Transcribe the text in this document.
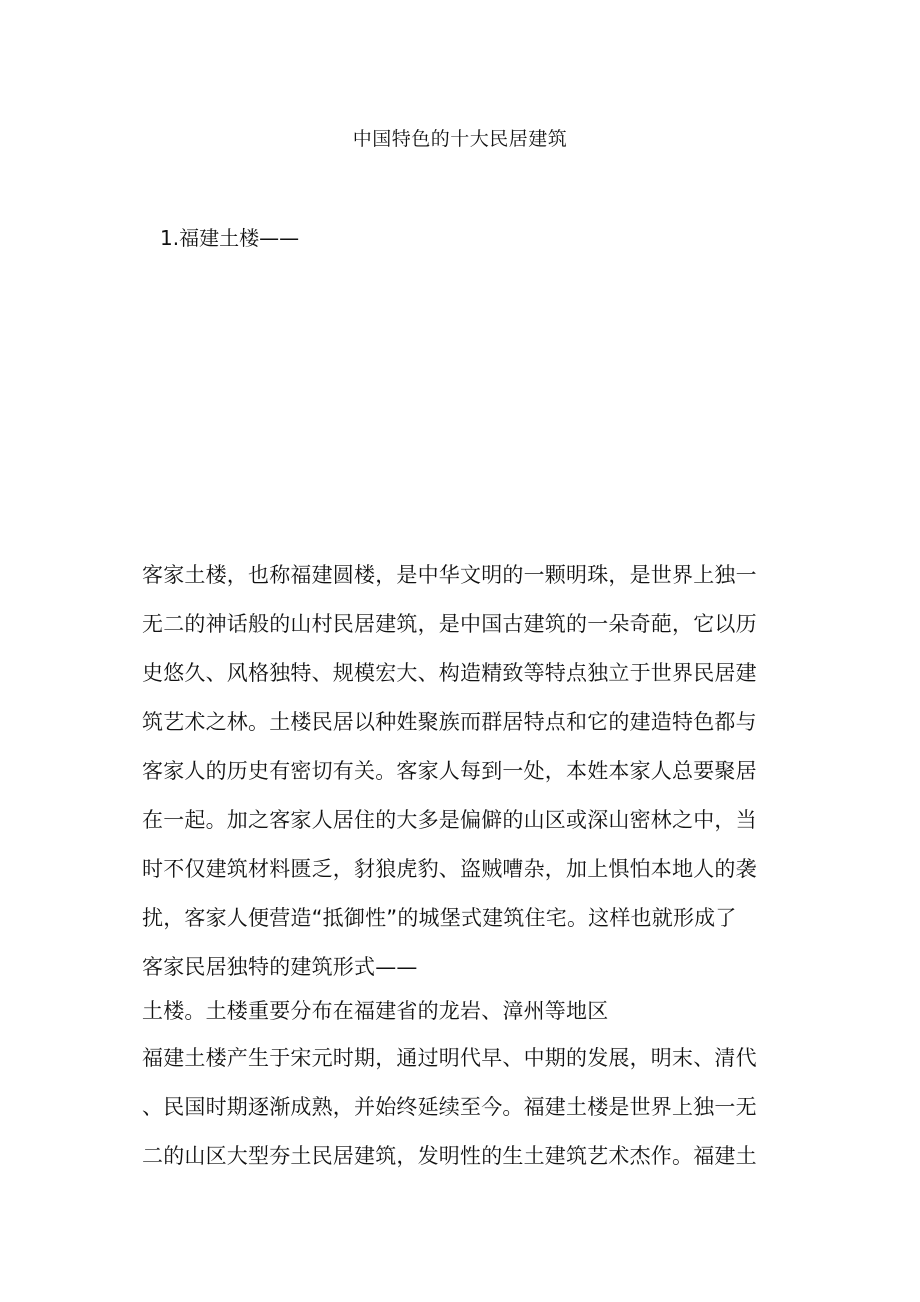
中国特色的十大民居建筑
1.福建土楼——
客家土楼，也称福建圆楼，是中华文明的一颗明珠，是世界上独一
无二的神话般的山村民居建筑，是中国古建筑的一朵奇葩，它以历
史悠久、风格独特、规模宏大、构造精致等特点独立于世界民居建
筑艺术之林。土楼民居以种姓聚族而群居特点和它的建造特色都与
客家人的历史有密切有关。客家人每到一处，本姓本家人总要聚居
在一起。加之客家人居住的大多是偏僻的山区或深山密林之中，当
时不仅建筑材料匮乏，豺狼虎豹、盗贼嘈杂，加上惧怕本地人的袭
扰，客家人便营造“抵御性”的城堡式建筑住宅。这样也就形成了
客家民居独特的建筑形式——
土楼。土楼重要分布在福建省的龙岩、漳州等地区
福建土楼产生于宋元时期，通过明代早、中期的发展，明末、清代
、民国时期逐渐成熟，并始终延续至今。福建土楼是世界上独一无
二的山区大型夯土民居建筑，发明性的生土建筑艺术杰作。福建土
